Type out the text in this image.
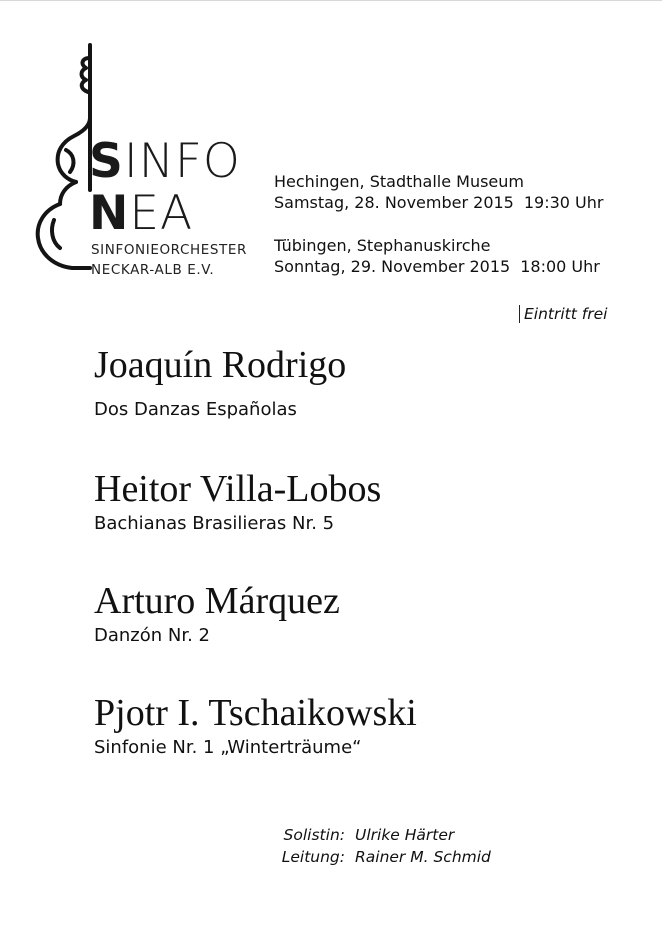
SINFO
NEA
SINFONIEORCHESTER
NECKAR-ALB E.V.
Hechingen, Stadthalle Museum
Samstag, 28. November 2015 19:30 Uhr
Tübingen, Stephanuskirche
Sonntag, 29. November 2015 18:00 Uhr
Eintritt frei
Joaquín Rodrigo
Dos Danzas Españolas
Heitor Villa-Lobos
Bachianas Brasilieras Nr. 5
Arturo Márquez
Danzón Nr. 2
Pjotr I. Tschaikowski
Sinfonie Nr. 1 „Winterträume“
Solistin: Ulrike Härter
Leitung: Rainer M. Schmid
